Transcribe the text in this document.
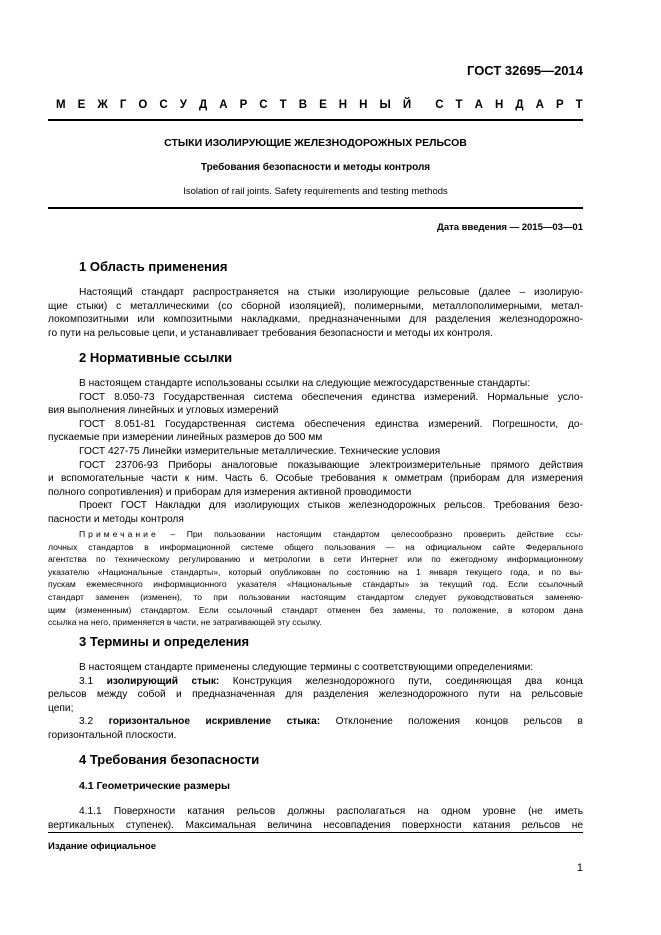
ГОСТ 32695—2014
М Е Ж Г О С У Д А Р С Т В Е Н Н Ы Й С Т А Н Д А Р Т
СТЫКИ ИЗОЛИРУЮЩИЕ ЖЕЛЕЗНОДОРОЖНЫХ РЕЛЬСОВ
Требования безопасности и методы контроля
Isolation of rail joints. Safety requirements and testing methods
Дата введения — 2015—03—01
1 Область применения
Настоящий стандарт распространяется на стыки изолирующие рельсовые (далее – изолирую-
щие стыки) с металлическими (со сборной изоляцией), полимерными, металлополимерными, метал-
локомпозитными или композитными накладками, предназначенными для разделения железнодорожно-
го пути на рельсовые цепи, и устанавливает требования безопасности и методы их контроля.
2 Нормативные ссылки
В настоящем стандарте использованы ссылки на следующие межгосударственные стандарты:
ГОСТ 8.050-73 Государственная система обеспечения единства измерений. Нормальные усло-
вия выполнения линейных и угловых измерений
ГОСТ 8.051-81 Государственная система обеспечения единства измерений. Погрешности, до-
пускаемые при измерении линейных размеров до 500 мм
ГОСТ 427-75 Линейки измерительные металлические. Технические условия
ГОСТ 23706-93 Приборы аналоговые показывающие электроизмерительные прямого действия
и вспомогательные части к ним. Часть 6. Особые требования к омметрам (приборам для измерения
полного сопротивления) и приборам для измерения активной проводимости
Проект ГОСТ Накладки для изолирующих стыков железнодорожных рельсов. Требования безо-
пасности и методы контроля
Примечание – При пользовании настоящим стандартом целесообразно проверить действие ссы-
лочных стандартов в информационной системе общего пользования — на официальном сайте Федерального
агентства по техническому регулированию и метрологии в сети Интернет или по ежегодному информационному
указателю «Национальные стандарты», который опубликован по состоянию на 1 января текущего года, и по вы-
пускам ежемесячного информационного указателя «Национальные стандарты» за текущий год. Если ссылочный
стандарт заменен (изменен), то при пользовании настоящим стандартом следует руководствоваться заменяю-
щим (измененным) стандартом. Если ссылочный стандарт отменен без замены, то положение, в котором дана
ссылка на него, применяется в части, не затрагивающей эту ссылку.
3 Термины и определения
В настоящем стандарте применены следующие термины с соответствующими определениями:
3.1 изолирующий стык: Конструкция железнодорожного пути, соединяющая два конца
рельсов между собой и предназначенная для разделения железнодорожного пути на рельсовые
цепи;
3.2 горизонтальное искривление стыка: Отклонение положения концов рельсов в
горизонтальной плоскости.
4 Требования безопасности
4.1 Геометрические размеры
4.1.1 Поверхности катания рельсов должны располагаться на одном уровне (не иметь
вертикальных ступенек). Максимальная величина несовпадения поверхности катания рельсов не
Издание официальное
1
